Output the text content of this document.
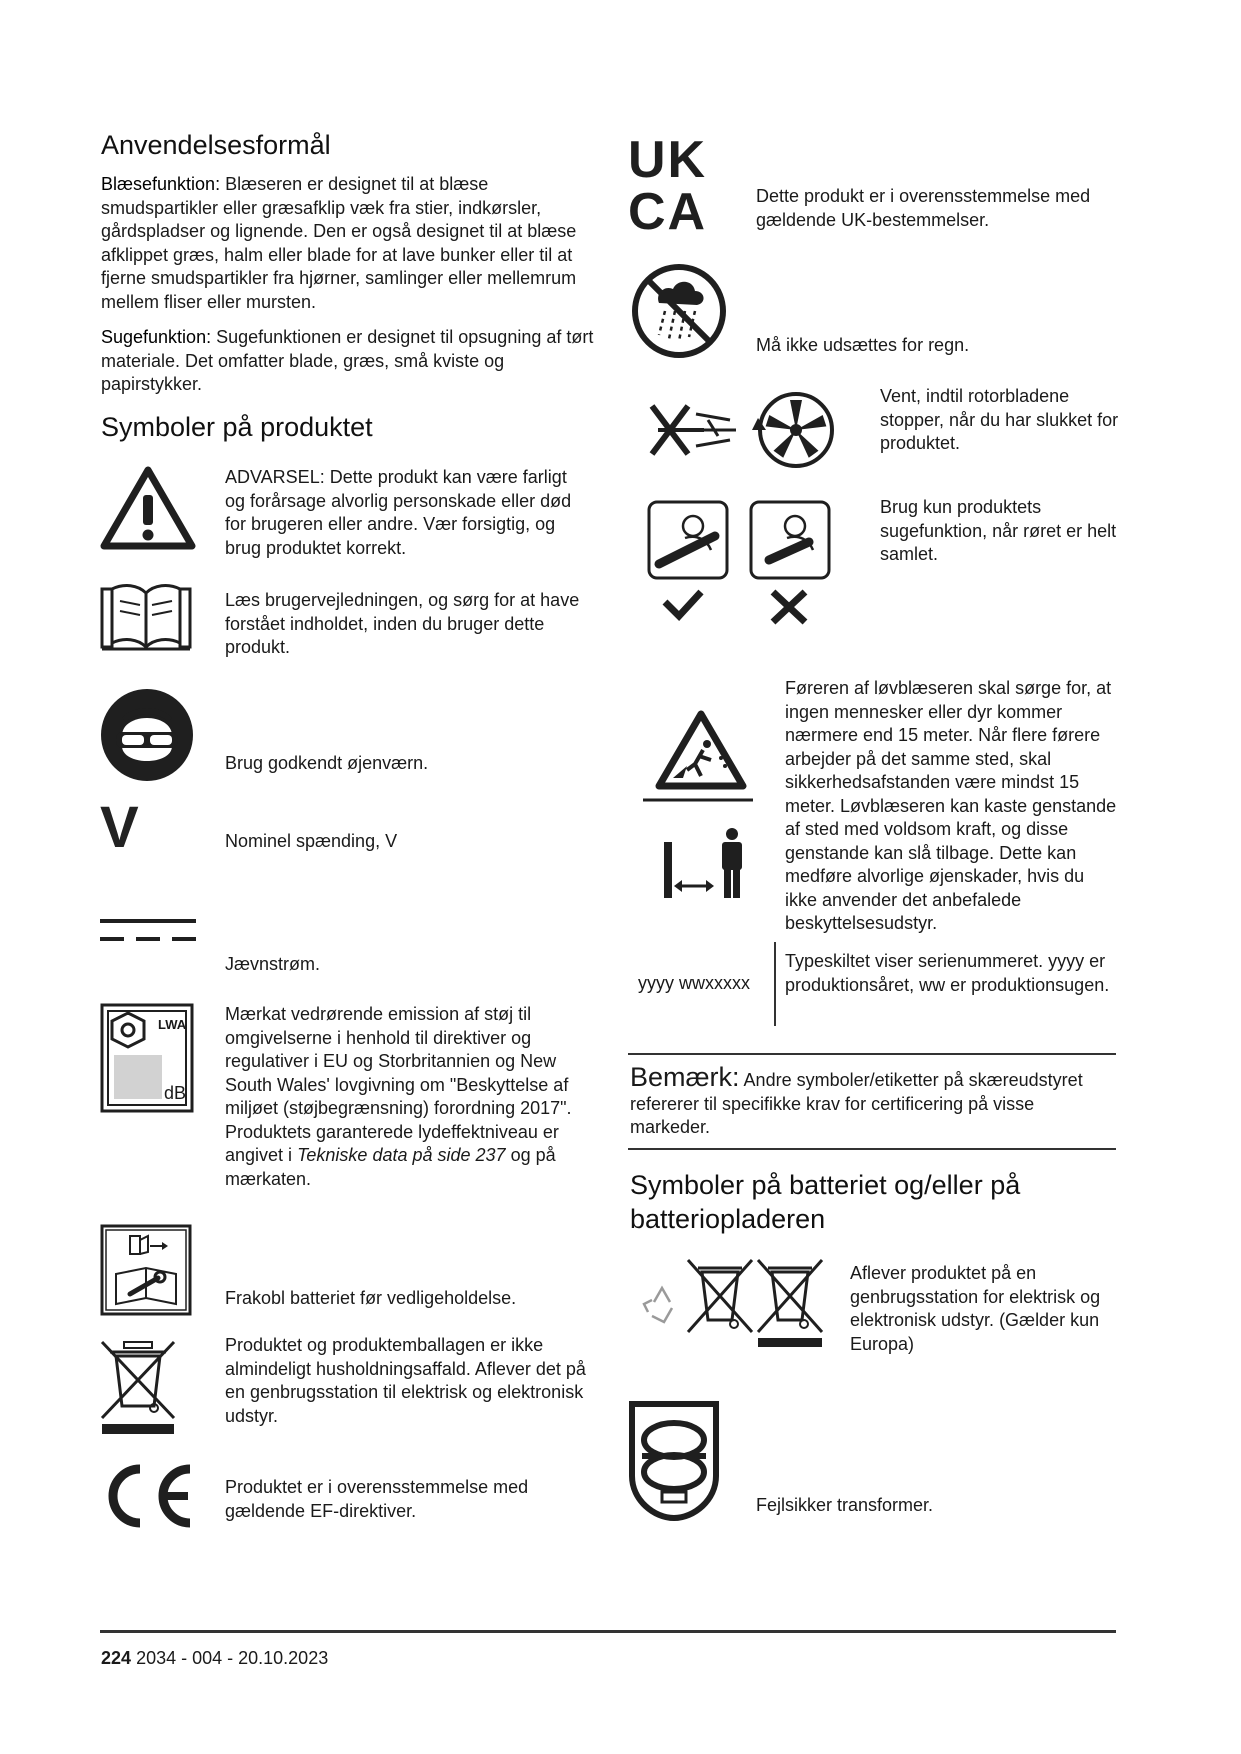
Anvendelsesformål

Blæsefunktion: Blæseren er designet til at blæse smudspartikler eller græsafklip væk fra stier, indkørsler, gårdspladser og lignende. Den er også designet til at blæse afklippet græs, halm eller blade for at lave bunker eller til at fjerne smudspartikler fra hjørner, samlinger eller mellemrum mellem fliser eller mursten.

Sugefunktion: Sugefunktionen er designet til opsugning af tørt materiale. Det omfatter blade, græs, små kviste og papirstykker.

Symboler på produktet

ADVARSEL: Dette produkt kan være farligt og forårsage alvorlig personskade eller død for brugeren eller andre. Vær forsigtig, og brug produktet korrekt.

Læs brugervejledningen, og sørg for at have forstået indholdet, inden du bruger dette produkt.

Brug godkendt øjenværn.

V	Nominel spænding, V

Jævnstrøm.

LWA
dB

Mærkat vedrørende emission af støj til omgivelserne i henhold til direktiver og regulativer i EU og Storbritannien og New South Wales' lovgivning om "Beskyttelse af miljøet (støjbegrænsning) forordning 2017". Produktets garanterede lydeffektniveau er angivet i Tekniske data på side 237 og på mærkaten.

Frakobl batteriet før vedligeholdelse.

Produktet og produktemballagen er ikke almindeligt husholdningsaffald. Aflever det på en genbrugsstation til elektrisk og elektronisk udstyr.

Produktet er i overensstemmelse med gældende EF-direktiver.

UK
CA	Dette produkt er i overensstemmelse med gældende UK-bestemmelser.

Må ikke udsættes for regn.

Vent, indtil rotorbladene stopper, når du har slukket for produktet.

Brug kun produktets sugefunktion, når røret er helt samlet.

Føreren af løvblæseren skal sørge for, at ingen mennesker eller dyr kommer nærmere end 15 meter. Når flere førere arbejder på det samme sted, skal sikkerhedsafstanden være mindst 15 meter. Løvblæseren kan kaste genstande af sted med voldsom kraft, og disse genstande kan slå tilbage. Dette kan medføre alvorlige øjenskader, hvis du ikke anvender det anbefalede beskyttelsesudstyr.

yyyy wwxxxxx

Typeskiltet viser serienummeret. yyyy er produktionsåret, ww er produktionsugen.

Bemærk: Andre symboler/etiketter på skæreudstyret refererer til specifikke krav for certificering på visse markeder.

Symboler på batteriet og/eller på batteriopladeren

Aflever produktet på en genbrugsstation for elektrisk og elektronisk udstyr. (Gælder kun Europa)

Fejlsikker transformer.

224 2034 - 004 - 20.10.2023
